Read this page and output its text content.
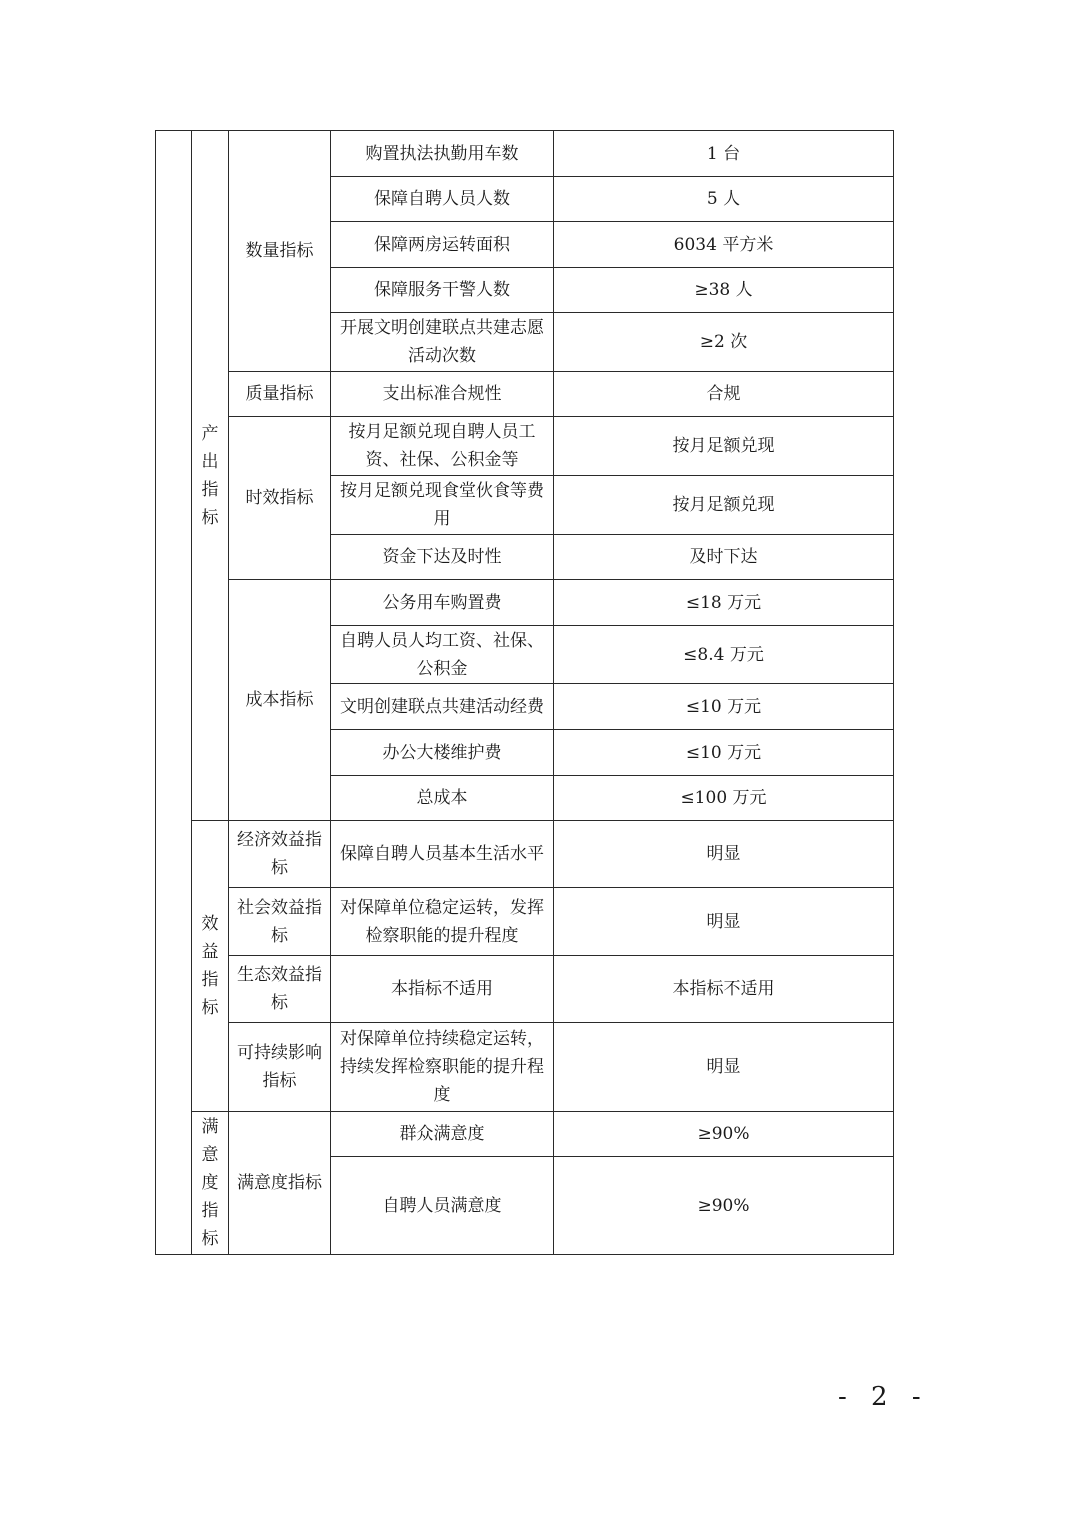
	产出指标	数量指标	购置执法执勤用车数	1 台
			保障自聘人员人数	5 人
			保障两房运转面积	6034 平方米
			保障服务干警人数	≥38 人
			开展文明创建联点共建志愿活动次数	≥2 次
		质量指标	支出标准合规性	合规
		时效指标	按月足额兑现自聘人员工资、社保、公积金等	按月足额兑现
			按月足额兑现食堂伙食等费用	按月足额兑现
			资金下达及时性	及时下达
		成本指标	公务用车购置费	≤18 万元
			自聘人员人均工资、社保、公积金	≤8.4 万元
			文明创建联点共建活动经费	≤10 万元
			办公大楼维护费	≤10 万元
			总成本	≤100 万元

	效益指标	经济效益指标	保障自聘人员基本生活水平	明显
		社会效益指标	对保障单位稳定运转，发挥检察职能的提升程度	明显
		生态效益指标	本指标不适用	本指标不适用
		可持续影响指标	对保障单位持续稳定运转，持续发挥检察职能的提升程度	明显

	满意度指标	满意度指标	群众满意度	≥90%
			自聘人员满意度	≥90%
- 2 -
